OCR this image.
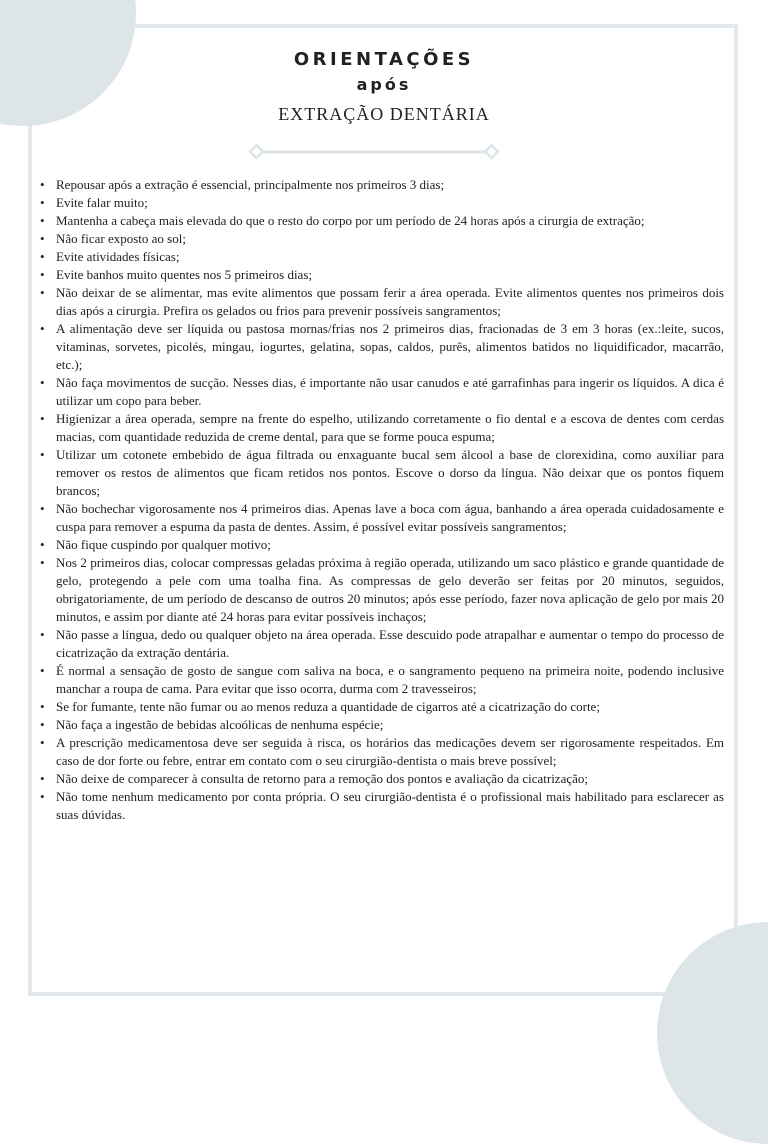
ORIENTAÇÕES
após
EXTRAÇÃO DENTÁRIA
• Repousar após a extração é essencial, principalmente nos primeiros 3 dias;
• Evite falar muito;
• Mantenha a cabeça mais elevada do que o resto do corpo por um período de 24 horas após a cirurgia de extração;
• Não ficar exposto ao sol;
• Evite atividades físicas;
• Evite banhos muito quentes nos 5 primeiros dias;
• Não deixar de se alimentar, mas evite alimentos que possam ferir a área operada. Evite alimentos quentes nos primeiros dois dias após a cirurgia. Prefira os gelados ou frios para prevenir possíveis sangramentos;
• A alimentação deve ser líquida ou pastosa mornas/frias nos 2 primeiros dias, fracionadas de 3 em 3 horas (ex.:leite, sucos, vitaminas, sorvetes, picolés, mingau, iogurtes, gelatina, sopas, caldos, purês, alimentos batidos no liquidificador, macarrão, etc.);
• Não faça movimentos de sucção. Nesses dias, é importante não usar canudos e até garrafinhas para ingerir os líquidos. A dica é utilizar um copo para beber.
• Higienizar a área operada, sempre na frente do espelho, utilizando corretamente o fio dental e a escova de dentes com cerdas macias, com quantidade reduzida de creme dental, para que se forme pouca espuma;
• Utilizar um cotonete embebido de água filtrada ou enxaguante bucal sem álcool a base de clorexidina, como auxiliar para remover os restos de alimentos que ficam retidos nos pontos. Escove o dorso da língua. Não deixar que os pontos fiquem brancos;
• Não bochechar vigorosamente nos 4 primeiros dias. Apenas lave a boca com água, banhando a área operada cuidadosamente e cuspa para remover a espuma da pasta de dentes. Assim, é possível evitar possíveis sangramentos;
• Não fique cuspindo por qualquer motivo;
• Nos 2 primeiros dias, colocar compressas geladas próxima à região operada, utilizando um saco plástico e grande quantidade de gelo, protegendo a pele com uma toalha fina. As compressas de gelo deverão ser feitas por 20 minutos, seguidos, obrigatoriamente, de um período de descanso de outros 20 minutos; após esse período, fazer nova aplicação de gelo por mais 20 minutos, e assim por diante até 24 horas para evitar possíveis inchaços;
• Não passe a língua, dedo ou qualquer objeto na área operada. Esse descuido pode atrapalhar e aumentar o tempo do processo de cicatrização da extração dentária.
• É normal a sensação de gosto de sangue com saliva na boca, e o sangramento pequeno na primeira noite, podendo inclusive manchar a roupa de cama. Para evitar que isso ocorra, durma com 2 travesseiros;
• Se for fumante, tente não fumar ou ao menos reduza a quantidade de cigarros até a cicatrização do corte;
• Não faça a ingestão de bebidas alcoólicas de nenhuma espécie;
• A prescrição medicamentosa deve ser seguida à risca, os horários das medicações devem ser rigorosamente respeitados. Em caso de dor forte ou febre, entrar em contato com o seu cirurgião-dentista o mais breve possível;
• Não deixe de comparecer à consulta de retorno para a remoção dos pontos e avaliação da cicatrização;
• Não tome nenhum medicamento por conta própria. O seu cirurgião-dentista é o profissional mais habilitado para esclarecer as suas dúvidas.
